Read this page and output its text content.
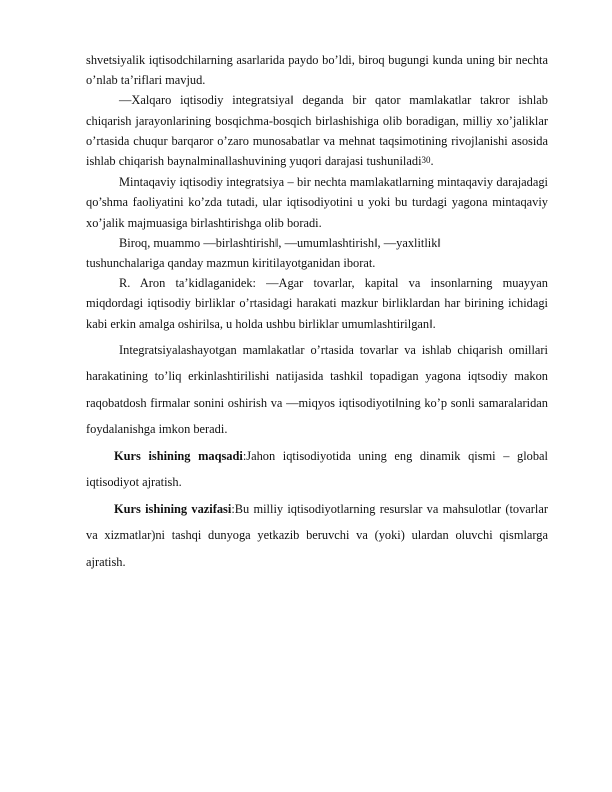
shvetsiyalik iqtisodchilarning asarlarida paydo bo’ldi, biroq bugungi kunda uning bir nechta o’nlab ta’riflari mavjud.

—Xalqaro iqtisodiy integratsiya‖ deganda bir qator mamlakatlar takror ishlab chiqarish jarayonlarining bosqichma-bosqich birlashishiga olib boradigan, milliy xo’jaliklar o’rtasida chuqur barqaror o’zaro munosabatlar va mehnat taqsimotining rivojlanishi asosida ishlab chiqarish baynalminallashuvining yuqori darajasi tushuniladi$^{30}$.

Mintaqaviy iqtisodiy integratsiya – bir nechta mamlakatlarning mintaqaviy darajadagi qo’shma faoliyatini ko’zda tutadi, ular iqtisodiyotini u yoki bu turdagi yagona mintaqaviy xo’jalik majmuasiga birlashtirishga olib boradi.

Biroq, muammo —birlashtirish‖, —umumlashtirish‖, —yaxlitlik‖

tushunchalariga qanday mazmun kiritilayotganidan iborat.

R. Aron ta’kidlaganidek: —Agar tovarlar, kapital va insonlarning muayyan miqdordagi iqtisodiy birliklar o’rtasidagi harakati mazkur birliklardan har birining ichidagi kabi erkin amalga oshirilsa, u holda ushbu birliklar umumlashtirilgan‖.

Integratsiyalashayotgan mamlakatlar o’rtasida tovarlar va ishlab chiqarish omillari harakatining to’liq erkinlashtirilishi natijasida tashkil topadigan yagona iqtsodiy makon raqobatdosh firmalar sonini oshirish va —miqyos iqtisodiyoti‖ning ko’p sonli samaralaridan foydalanishga imkon beradi.

Kurs ishining maqsadi:Jahon iqtisodiyotida uning eng dinamik qismi – global iqtisodiyot ajratish.

Kurs ishining vazifasi:Bu milliy iqtisodiyotlarning resurslar va mahsulotlar (tovarlar va xizmatlar)ni tashqi dunyoga yetkazib beruvchi va (yoki) ulardan oluvchi qismlarga ajratish.
